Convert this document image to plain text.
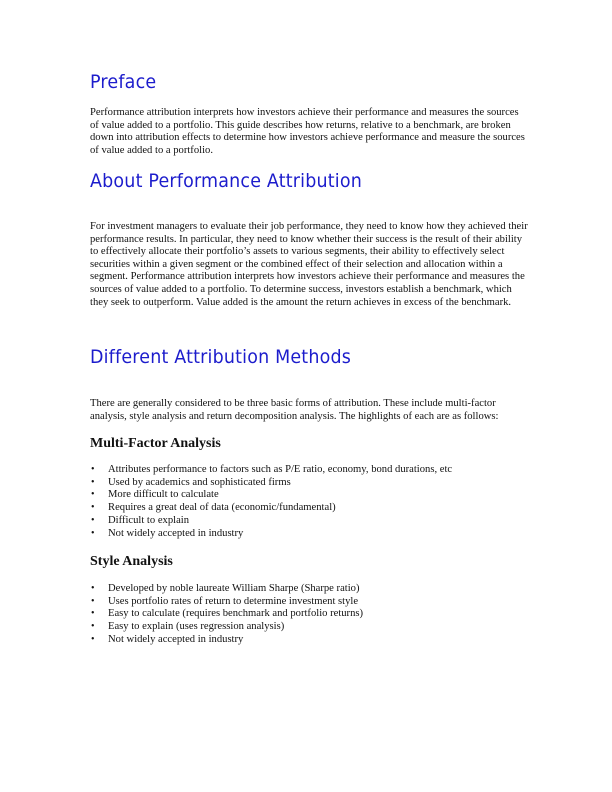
Preface

Performance attribution interprets how investors achieve their performance and measures the sources of value added to a portfolio. This guide describes how returns, relative to a benchmark, are broken down into attribution effects to determine how investors achieve performance and measure the sources of value added to a portfolio.

About Performance Attribution

For investment managers to evaluate their job performance, they need to know how they achieved their performance results. In particular, they need to know whether their success is the result of their ability to effectively allocate their portfolio’s assets to various segments, their ability to effectively select securities within a given segment or the combined effect of their selection and allocation within a segment. Performance attribution interprets how investors achieve their performance and measures the sources of value added to a portfolio. To determine success, investors establish a benchmark, which they seek to outperform. Value added is the amount the return achieves in excess of the benchmark.

Different Attribution Methods

There are generally considered to be three basic forms of attribution. These include multi-factor analysis, style analysis and return decomposition analysis. The highlights of each are as follows:

Multi-Factor Analysis
• Attributes performance to factors such as P/E ratio, economy, bond durations, etc
• Used by academics and sophisticated firms
• More difficult to calculate
• Requires a great deal of data (economic/fundamental)
• Difficult to explain
• Not widely accepted in industry
Style Analysis
• Developed by noble laureate William Sharpe (Sharpe ratio)
• Uses portfolio rates of return to determine investment style
• Easy to calculate (requires benchmark and portfolio returns)
• Easy to explain (uses regression analysis)
• Not widely accepted in industry
